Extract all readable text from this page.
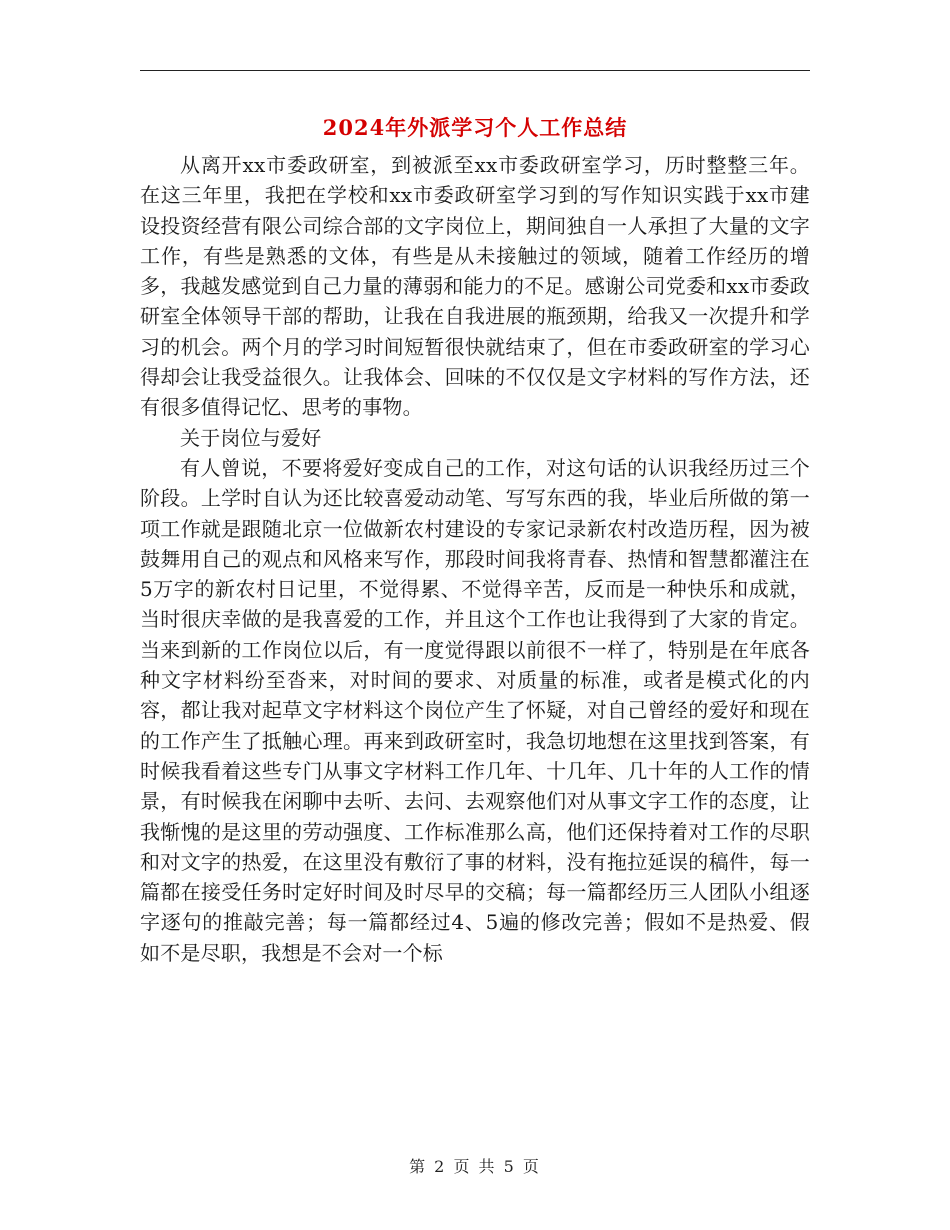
2024年外派学习个人工作总结

从离开xx市委政研室，到被派至xx市委政研室学习，历时整整三年。在这三年里，我把在学校和xx市委政研室学习到的写作知识实践于xx市建设投资经营有限公司综合部的文字岗位上，期间独自一人承担了大量的文字工作，有些是熟悉的文体，有些是从未接触过的领域，随着工作经历的增多，我越发感觉到自己力量的薄弱和能力的不足。感谢公司党委和xx市委政研室全体领导干部的帮助，让我在自我进展的瓶颈期，给我又一次提升和学习的机会。两个月的学习时间短暂很快就结束了，但在市委政研室的学习心得却会让我受益很久。让我体会、回味的不仅仅是文字材料的写作方法，还有很多值得记忆、思考的事物。

关于岗位与爱好

有人曾说，不要将爱好变成自己的工作，对这句话的认识我经历过三个阶段。上学时自认为还比较喜爱动动笔、写写东西的我，毕业后所做的第一项工作就是跟随北京一位做新农村建设的专家记录新农村改造历程，因为被鼓舞用自己的观点和风格来写作，那段时间我将青春、热情和智慧都灌注在5万字的新农村日记里，不觉得累、不觉得辛苦，反而是一种快乐和成就，当时很庆幸做的是我喜爱的工作，并且这个工作也让我得到了大家的肯定。当来到新的工作岗位以后，有一度觉得跟以前很不一样了，特别是在年底各种文字材料纷至沓来，对时间的要求、对质量的标准，或者是模式化的内容，都让我对起草文字材料这个岗位产生了怀疑，对自己曾经的爱好和现在的工作产生了抵触心理。再来到政研室时，我急切地想在这里找到答案，有时候我看着这些专门从事文字材料工作几年、十几年、几十年的人工作的情景，有时候我在闲聊中去听、去问、去观察他们对从事文字工作的态度，让我惭愧的是这里的劳动强度、工作标准那么高，他们还保持着对工作的尽职和对文字的热爱，在这里没有敷衍了事的材料，没有拖拉延误的稿件，每一篇都在接受任务时定好时间及时尽早的交稿；每一篇都经历三人团队小组逐字逐句的推敲完善；每一篇都经过4、5遍的修改完善；假如不是热爱、假如不是尽职，我想是不会对一个标

第 2 页 共 5 页
